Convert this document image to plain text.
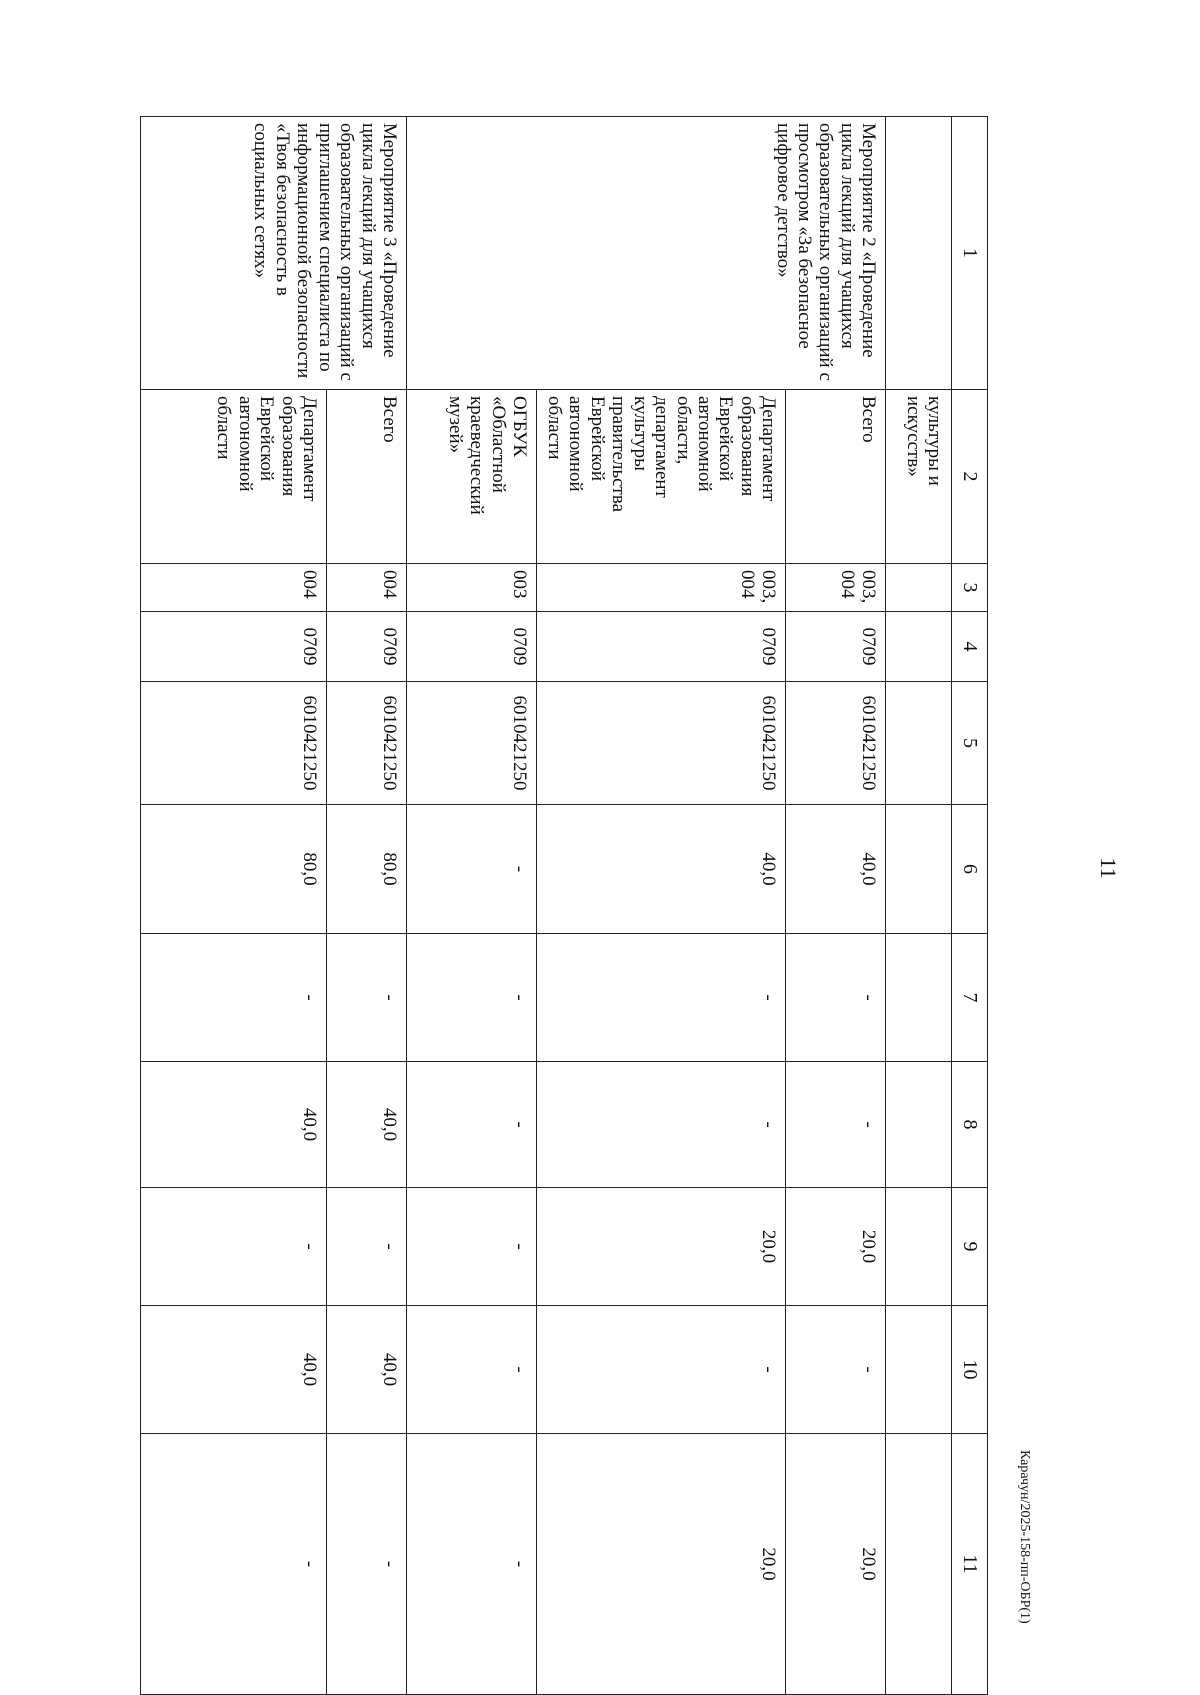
11
Карачун/2025-158-пп-ОБР(1)
1	2	3	4	5	6	7	8	9	10	11
	культуры и искусств»									
Мероприятие 2 «Проведение цикла лекций для учащихся образовательных организаций с просмотром «За безопасное цифровое детство»	Всего	003, 004	0709	6010421250	40,0	-	-	20,0	-	20,0
	Департамент образования Еврейской автономной области, департамент культуры правительства Еврейской автономной области	003, 004	0709	6010421250	40,0	-	-	20,0	-	20,0
	ОГБУК «Областной краеведческий музей»	003	0709	6010421250	-	-	-	-	-	-
Мероприятие 3 «Проведение цикла лекций для учащихся образовательных организаций с приглашением специалиста по информационной безопасности «Твоя безопасность в социальных сетях»	Всего	004	0709	6010421250	80,0	-	40,0	-	40,0	-
	Департамент образования Еврейской автономной области	004	0709	6010421250	80,0	-	40,0	-	40,0	-
